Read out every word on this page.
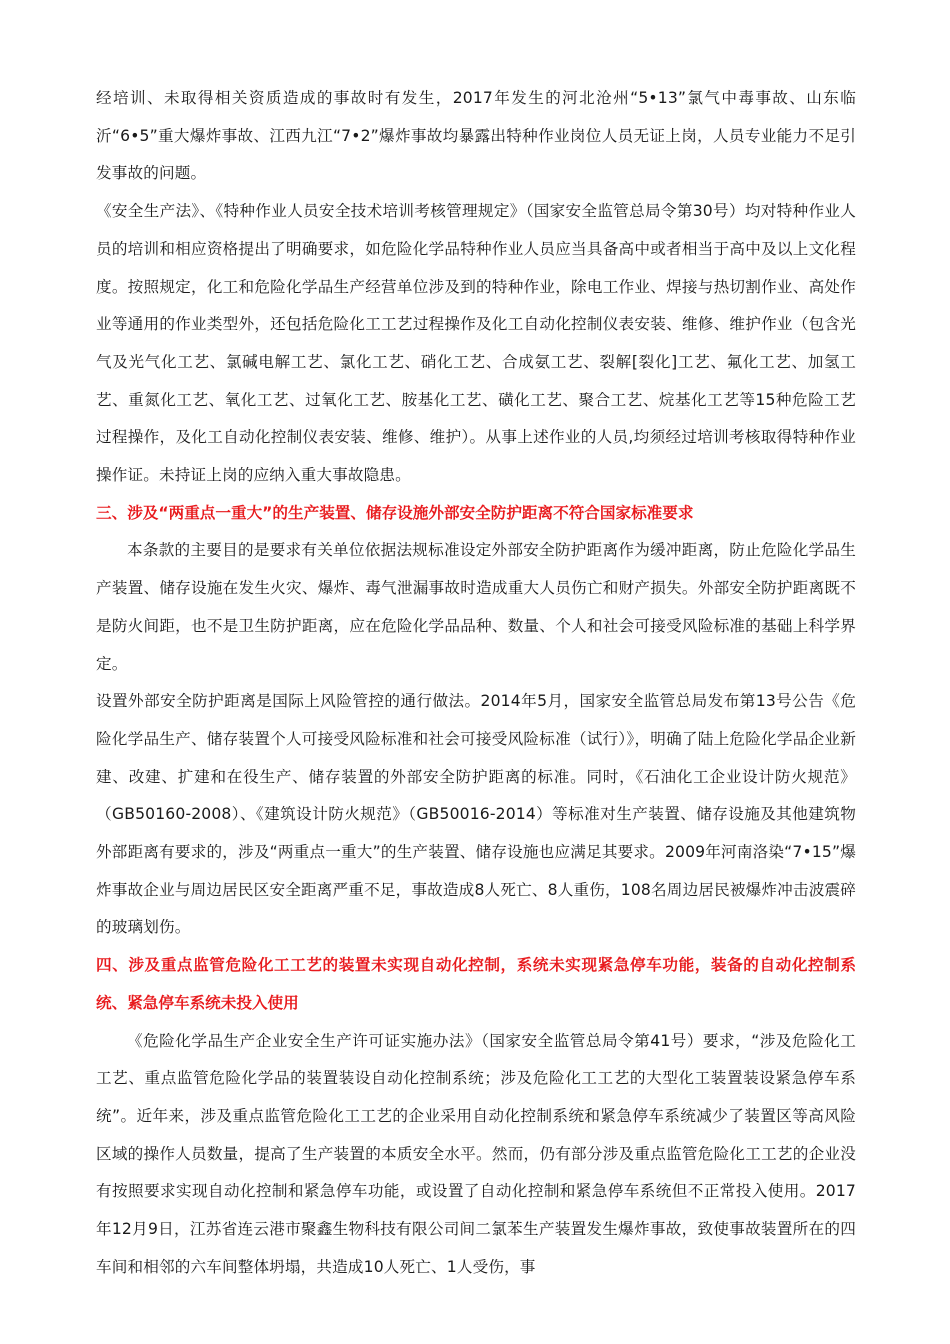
经培训、未取得相关资质造成的事故时有发生，2017年发生的河北沧州“5•13”氯气中毒事故、山东临沂“6•5”重大爆炸事故、江西九江“7•2”爆炸事故均暴露出特种作业岗位人员无证上岗，人员专业能力不足引发事故的问题。

《安全生产法》、《特种作业人员安全技术培训考核管理规定》（国家安全监管总局令第30号）均对特种作业人员的培训和相应资格提出了明确要求，如危险化学品特种作业人员应当具备高中或者相当于高中及以上文化程度。按照规定，化工和危险化学品生产经营单位涉及到的特种作业，除电工作业、焊接与热切割作业、高处作业等通用的作业类型外，还包括危险化工工艺过程操作及化工自动化控制仪表安装、维修、维护作业（包含光气及光气化工艺、氯碱电解工艺、氯化工艺、硝化工艺、合成氨工艺、裂解[裂化]工艺、氟化工艺、加氢工艺、重氮化工艺、氧化工艺、过氧化工艺、胺基化工艺、磺化工艺、聚合工艺、烷基化工艺等15种危险工艺过程操作，及化工自动化控制仪表安装、维修、维护）。从事上述作业的人员,均须经过培训考核取得特种作业操作证。未持证上岗的应纳入重大事故隐患。

三、涉及“两重点一重大”的生产装置、储存设施外部安全防护距离不符合国家标准要求

本条款的主要目的是要求有关单位依据法规标准设定外部安全防护距离作为缓冲距离，防止危险化学品生产装置、储存设施在发生火灾、爆炸、毒气泄漏事故时造成重大人员伤亡和财产损失。外部安全防护距离既不是防火间距，也不是卫生防护距离，应在危险化学品品种、数量、个人和社会可接受风险标准的基础上科学界定。

设置外部安全防护距离是国际上风险管控的通行做法。2014年5月，国家安全监管总局发布第13号公告《危险化学品生产、储存装置个人可接受风险标准和社会可接受风险标准（试行）》，明确了陆上危险化学品企业新建、改建、扩建和在役生产、储存装置的外部安全防护距离的标准。同时，《石油化工企业设计防火规范》（GB50160-2008）、《建筑设计防火规范》（GB50016-2014）等标准对生产装置、储存设施及其他建筑物外部距离有要求的，涉及“两重点一重大”的生产装置、储存设施也应满足其要求。2009年河南洛染“7•15”爆炸事故企业与周边居民区安全距离严重不足，事故造成8人死亡、8人重伤，108名周边居民被爆炸冲击波震碎的玻璃划伤。

四、涉及重点监管危险化工工艺的装置未实现自动化控制，系统未实现紧急停车功能，装备的自动化控制系统、紧急停车系统未投入使用

《危险化学品生产企业安全生产许可证实施办法》（国家安全监管总局令第41号）要求，“涉及危险化工工艺、重点监管危险化学品的装置装设自动化控制系统；涉及危险化工工艺的大型化工装置装设紧急停车系统”。近年来，涉及重点监管危险化工工艺的企业采用自动化控制系统和紧急停车系统减少了装置区等高风险区域的操作人员数量，提高了生产装置的本质安全水平。然而，仍有部分涉及重点监管危险化工工艺的企业没有按照要求实现自动化控制和紧急停车功能，或设置了自动化控制和紧急停车系统但不正常投入使用。2017年12月9日，江苏省连云港市聚鑫生物科技有限公司间二氯苯生产装置发生爆炸事故，致使事故装置所在的四车间和相邻的六车间整体坍塌，共造成10人死亡、1人受伤，事
